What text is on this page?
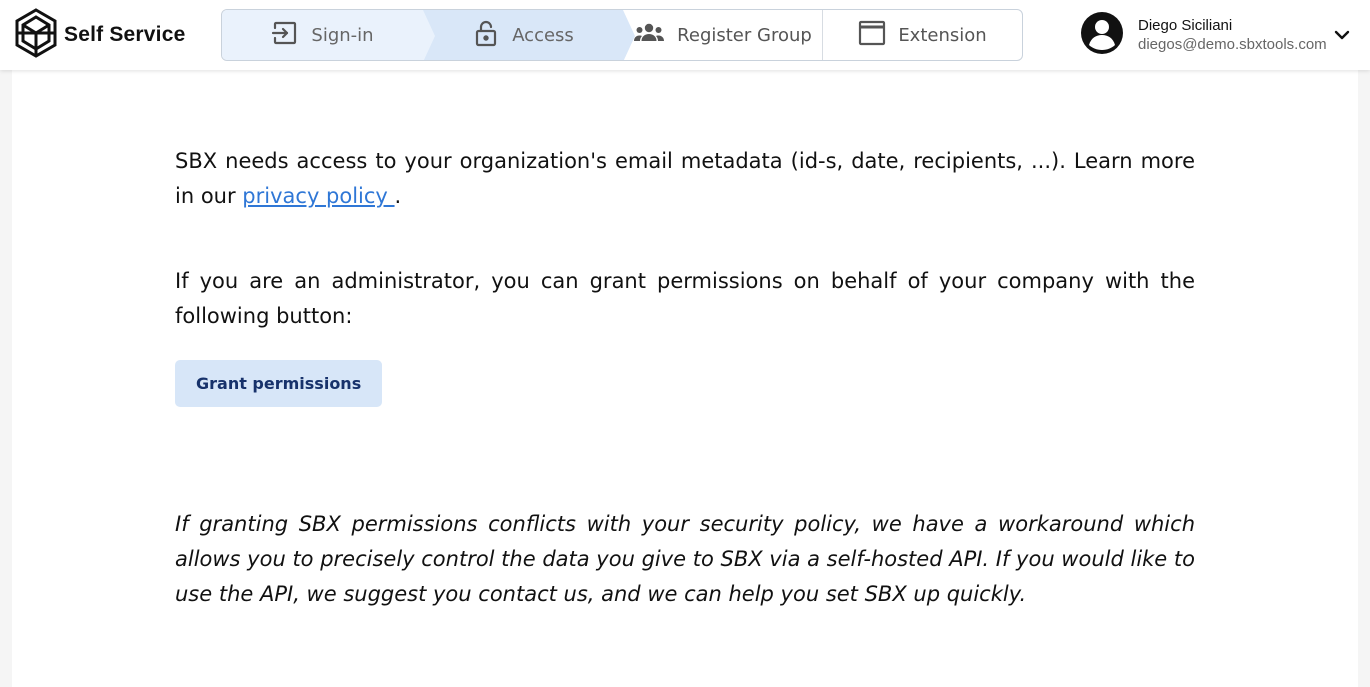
Self Service	Sign-in	Access	Register Group	Extension	Diego Siciliani
diegos@demo.sbxtools.com

SBX needs access to your organization's email metadata (id-s, date, recipients, ...). Learn more in our privacy policy .

If you are an administrator, you can grant permissions on behalf of your company with the following button:

Grant permissions

If granting SBX permissions conflicts with your security policy, we have a workaround which allows you to precisely control the data you give to SBX via a self-hosted API. If you would like to use the API, we suggest you contact us, and we can help you set SBX up quickly.
